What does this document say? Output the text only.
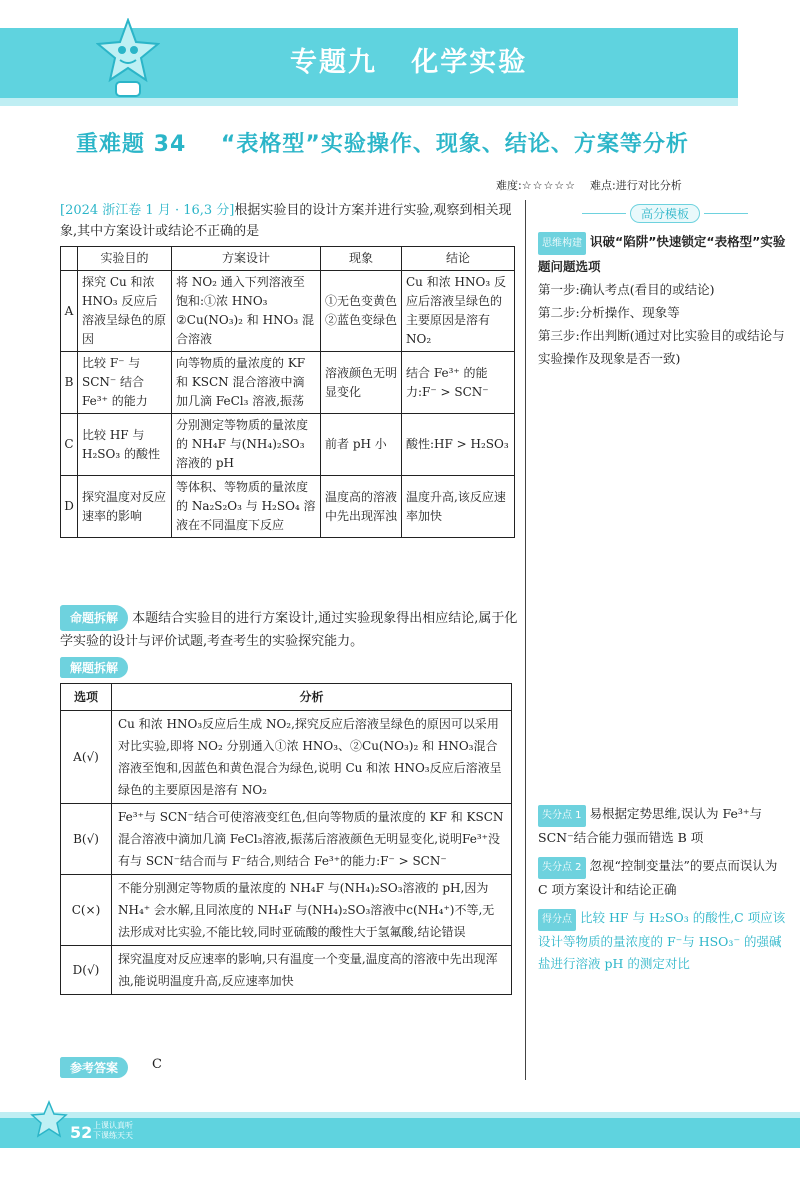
专题九   化学实验
重难题 34    “表格型”实验操作、现象、结论、方案等分析
难度:☆☆☆☆☆ 难点:进行对比分析
[2024 浙江卷 1 月 · 16,3 分]根据实验目的设计方案并进行实验,观察到相关现象,其中方案设计或结论不正确的是
	实验目的	方案设计	现象	结论
A	探究 Cu 和浓 HNO₃ 反应后溶液呈绿色的原因	将 NO₂ 通入下列溶液至饱和:①浓 HNO₃ ②Cu(NO₃)₂ 和 HNO₃ 混合溶液	①无色变黄色 ②蓝色变绿色	Cu 和浓 HNO₃ 反应后溶液呈绿色的主要原因是溶有 NO₂
B	比较 F⁻ 与 SCN⁻ 结合 Fe³⁺ 的能力	向等物质的量浓度的 KF 和 KSCN 混合溶液中滴加几滴 FeCl₃ 溶液,振荡	溶液颜色无明显变化	结合 Fe³⁺ 的能力:F⁻ > SCN⁻
C	比较 HF 与 H₂SO₃ 的酸性	分别测定等物质的量浓度的 NH₄F 与(NH₄)₂SO₃ 溶液的 pH	前者 pH 小	酸性:HF > H₂SO₃
D	探究温度对反应速率的影响	等体积、等物质的量浓度的 Na₂S₂O₃ 与 H₂SO₄ 溶液在不同温度下反应	温度高的溶液中先出现浑浊	温度升高,该反应速率加快
命题拆解 本题结合实验目的进行方案设计,通过实验现象得出相应结论,属于化学实验的设计与评价试题,考查考生的实验探究能力。
解题拆解
选项	分析
A(√)	Cu 和浓 HNO₃反应后生成 NO₂,探究反应后溶液呈绿色的原因可以采用对比实验,即将 NO₂ 分别通入①浓 HNO₃、②Cu(NO₃)₂ 和 HNO₃混合溶液至饱和,因蓝色和黄色混合为绿色,说明 Cu 和浓 HNO₃反应后溶液呈绿色的主要原因是溶有 NO₂
B(√)	Fe³⁺与 SCN⁻结合可使溶液变红色,但向等物质的量浓度的 KF 和 KSCN 混合溶液中滴加几滴 FeCl₃溶液,振荡后溶液颜色无明显变化,说明Fe³⁺没有与 SCN⁻结合而与 F⁻结合,则结合 Fe³⁺的能力:F⁻ > SCN⁻
C(×)	不能分别测定等物质的量浓度的 NH₄F 与(NH₄)₂SO₃溶液的 pH,因为 NH₄⁺ 会水解,且同浓度的 NH₄F 与(NH₄)₂SO₃溶液中c(NH₄⁺)不等,无法形成对比实验,不能比较,同时亚硫酸的酸性大于氢氟酸,结论错误
D(√)	探究温度对反应速率的影响,只有温度一个变量,温度高的溶液中先出现浑浊,能说明温度升高,反应速率加快
参考答案	C
高分模板
思维构建 识破“陷阱”快速锁定“表格型”实验题问题选项
第一步:确认考点(看目的或结论)
第二步:分析操作、现象等
第三步:作出判断(通过对比实验目的或结论与实验操作及现象是否一致)
失分点 1 易根据定势思维,误认为 Fe³⁺与 SCN⁻结合能力强而错选 B 项
失分点 2 忽视“控制变量法”的要点而误认为 C 项方案设计和结论正确
得分点 比较 HF 与 H₂SO₃ 的酸性,C 项应该设计等物质的量浓度的 F⁻与 HSO₃⁻ 的强碱盐进行溶液 pH 的测定对比
52 上课认真听 下课练天天
